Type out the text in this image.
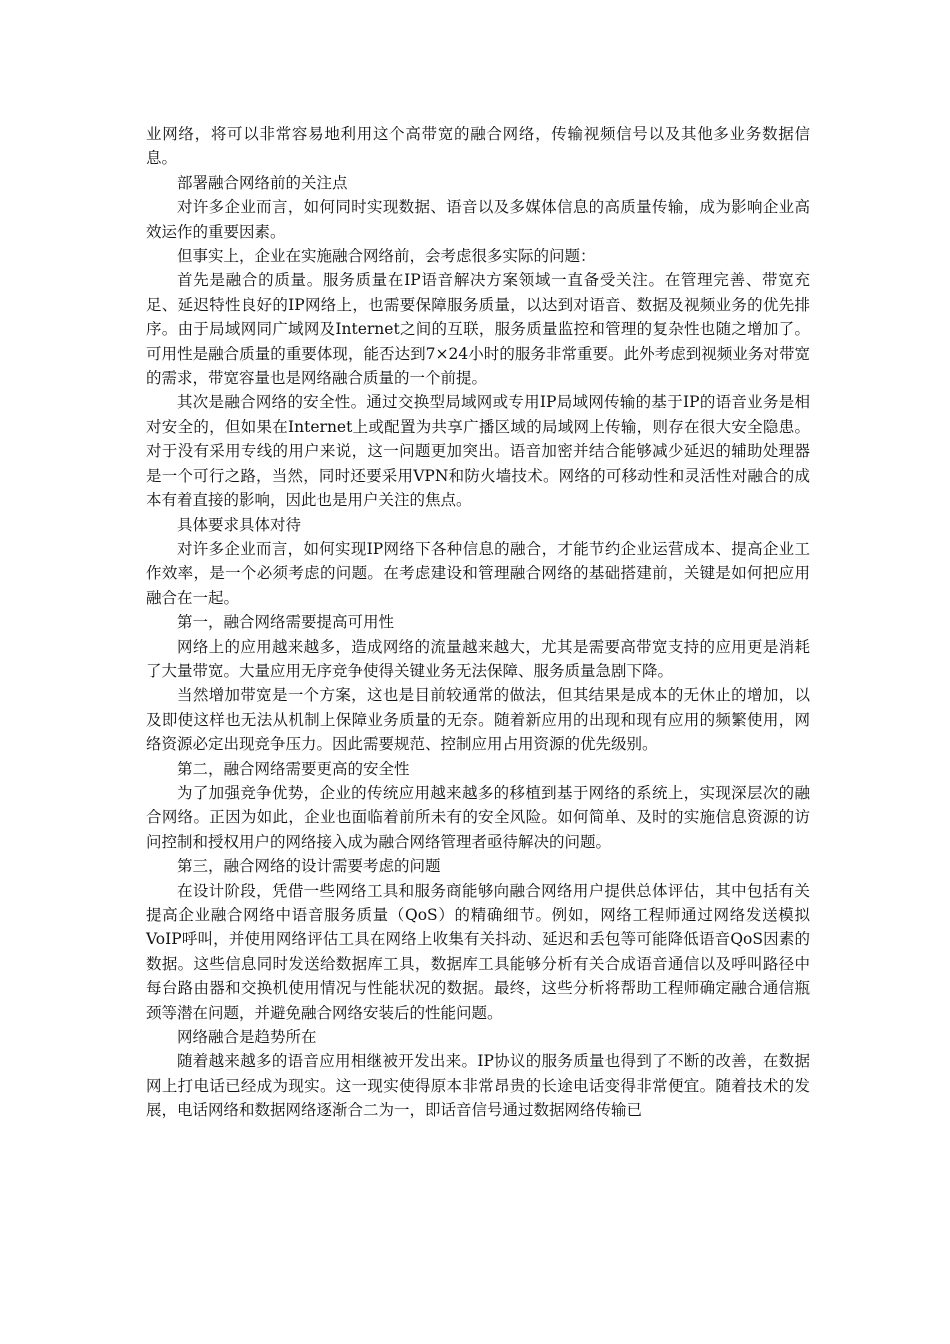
业网络，将可以非常容易地利用这个高带宽的融合网络，传输视频信号以及其他多业务数据信息。

部署融合网络前的关注点

对许多企业而言，如何同时实现数据、语音以及多媒体信息的高质量传输，成为影响企业高效运作的重要因素。

但事实上，企业在实施融合网络前，会考虑很多实际的问题：

首先是融合的质量。服务质量在IP语音解决方案领域一直备受关注。在管理完善、带宽充足、延迟特性良好的IP网络上，也需要保障服务质量，以达到对语音、数据及视频业务的优先排序。由于局域网同广域网及Internet之间的互联，服务质量监控和管理的复杂性也随之增加了。可用性是融合质量的重要体现，能否达到7×24小时的服务非常重要。此外考虑到视频业务对带宽的需求，带宽容量也是网络融合质量的一个前提。

其次是融合网络的安全性。通过交换型局域网或专用IP局域网传输的基于IP的语音业务是相对安全的，但如果在Internet上或配置为共享广播区域的局域网上传输，则存在很大安全隐患。对于没有采用专线的用户来说，这一问题更加突出。语音加密并结合能够减少延迟的辅助处理器是一个可行之路，当然，同时还要采用VPN和防火墙技术。网络的可移动性和灵活性对融合的成本有着直接的影响，因此也是用户关注的焦点。

具体要求具体对待

对许多企业而言，如何实现IP网络下各种信息的融合，才能节约企业运营成本、提高企业工作效率，是一个必须考虑的问题。在考虑建设和管理融合网络的基础搭建前，关键是如何把应用融合在一起。

第一，融合网络需要提高可用性

网络上的应用越来越多，造成网络的流量越来越大，尤其是需要高带宽支持的应用更是消耗了大量带宽。大量应用无序竞争使得关键业务无法保障、服务质量急剧下降。

当然增加带宽是一个方案，这也是目前较通常的做法，但其结果是成本的无休止的增加，以及即使这样也无法从机制上保障业务质量的无奈。随着新应用的出现和现有应用的频繁使用，网络资源必定出现竞争压力。因此需要规范、控制应用占用资源的优先级别。

第二，融合网络需要更高的安全性

为了加强竞争优势，企业的传统应用越来越多的移植到基于网络的系统上，实现深层次的融合网络。正因为如此，企业也面临着前所未有的安全风险。如何简单、及时的实施信息资源的访问控制和授权用户的网络接入成为融合网络管理者亟待解决的问题。

第三，融合网络的设计需要考虑的问题

在设计阶段，凭借一些网络工具和服务商能够向融合网络用户提供总体评估，其中包括有关提高企业融合网络中语音服务质量（QoS）的精确细节。例如，网络工程师通过网络发送模拟VoIP呼叫，并使用网络评估工具在网络上收集有关抖动、延迟和丢包等可能降低语音QoS因素的数据。这些信息同时发送给数据库工具，数据库工具能够分析有关合成语音通信以及呼叫路径中每台路由器和交换机使用情况与性能状况的数据。最终，这些分析将帮助工程师确定融合通信瓶颈等潜在问题，并避免融合网络安装后的性能问题。

网络融合是趋势所在

随着越来越多的语音应用相继被开发出来。IP协议的服务质量也得到了不断的改善，在数据网上打电话已经成为现实。这一现实使得原本非常昂贵的长途电话变得非常便宜。随着技术的发展，电话网络和数据网络逐渐合二为一，即话音信号通过数据网络传输已
